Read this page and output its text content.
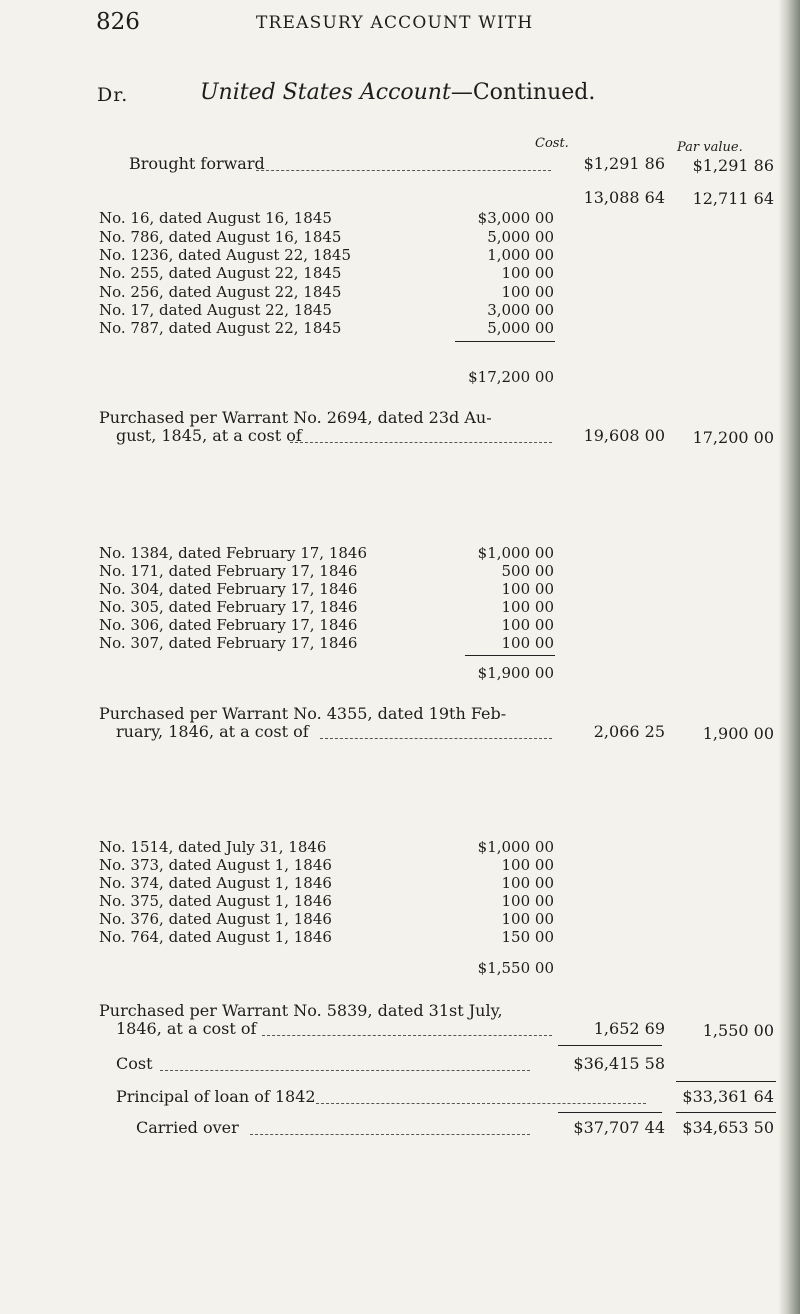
826	TREASURY ACCOUNT WITH
Dr.	United States Account—Continued.
Cost.	Par value.
Brought forward	$1,291 86	$1,291 86
13,088 64	12,711 64
No. 16, dated August 16, 1845	$3,000 00
No. 786, dated August 16, 1845	5,000 00
No. 1236, dated August 22, 1845	1,000 00
No. 255, dated August 22, 1845	100 00
No. 256, dated August 22, 1845	100 00
No. 17, dated August 22, 1845	3,000 00
No. 787, dated August 22, 1845	5,000 00
$17,200 00
Purchased per Warrant No. 2694, dated 23d Au-
gust, 1845, at a cost of	19,608 00	17,200 00
No. 1384, dated February 17, 1846	$1,000 00
No. 171, dated February 17, 1846	500 00
No. 304, dated February 17, 1846	100 00
No. 305, dated February 17, 1846	100 00
No. 306, dated February 17, 1846	100 00
No. 307, dated February 17, 1846	100 00
$1,900 00
Purchased per Warrant No. 4355, dated 19th Feb-
ruary, 1846, at a cost of	2,066 25	1,900 00
No. 1514, dated July 31, 1846	$1,000 00
No. 373, dated August 1, 1846	100 00
No. 374, dated August 1, 1846	100 00
No. 375, dated August 1, 1846	100 00
No. 376, dated August 1, 1846	100 00
No. 764, dated August 1, 1846	150 00
$1,550 00
Purchased per Warrant No. 5839, dated 31st July,
1846, at a cost of	1,652 69	1,550 00
Cost	$36,415 58
Principal of loan of 1842	$33,361 64
Carried over	$37,707 44	$34,653 50
